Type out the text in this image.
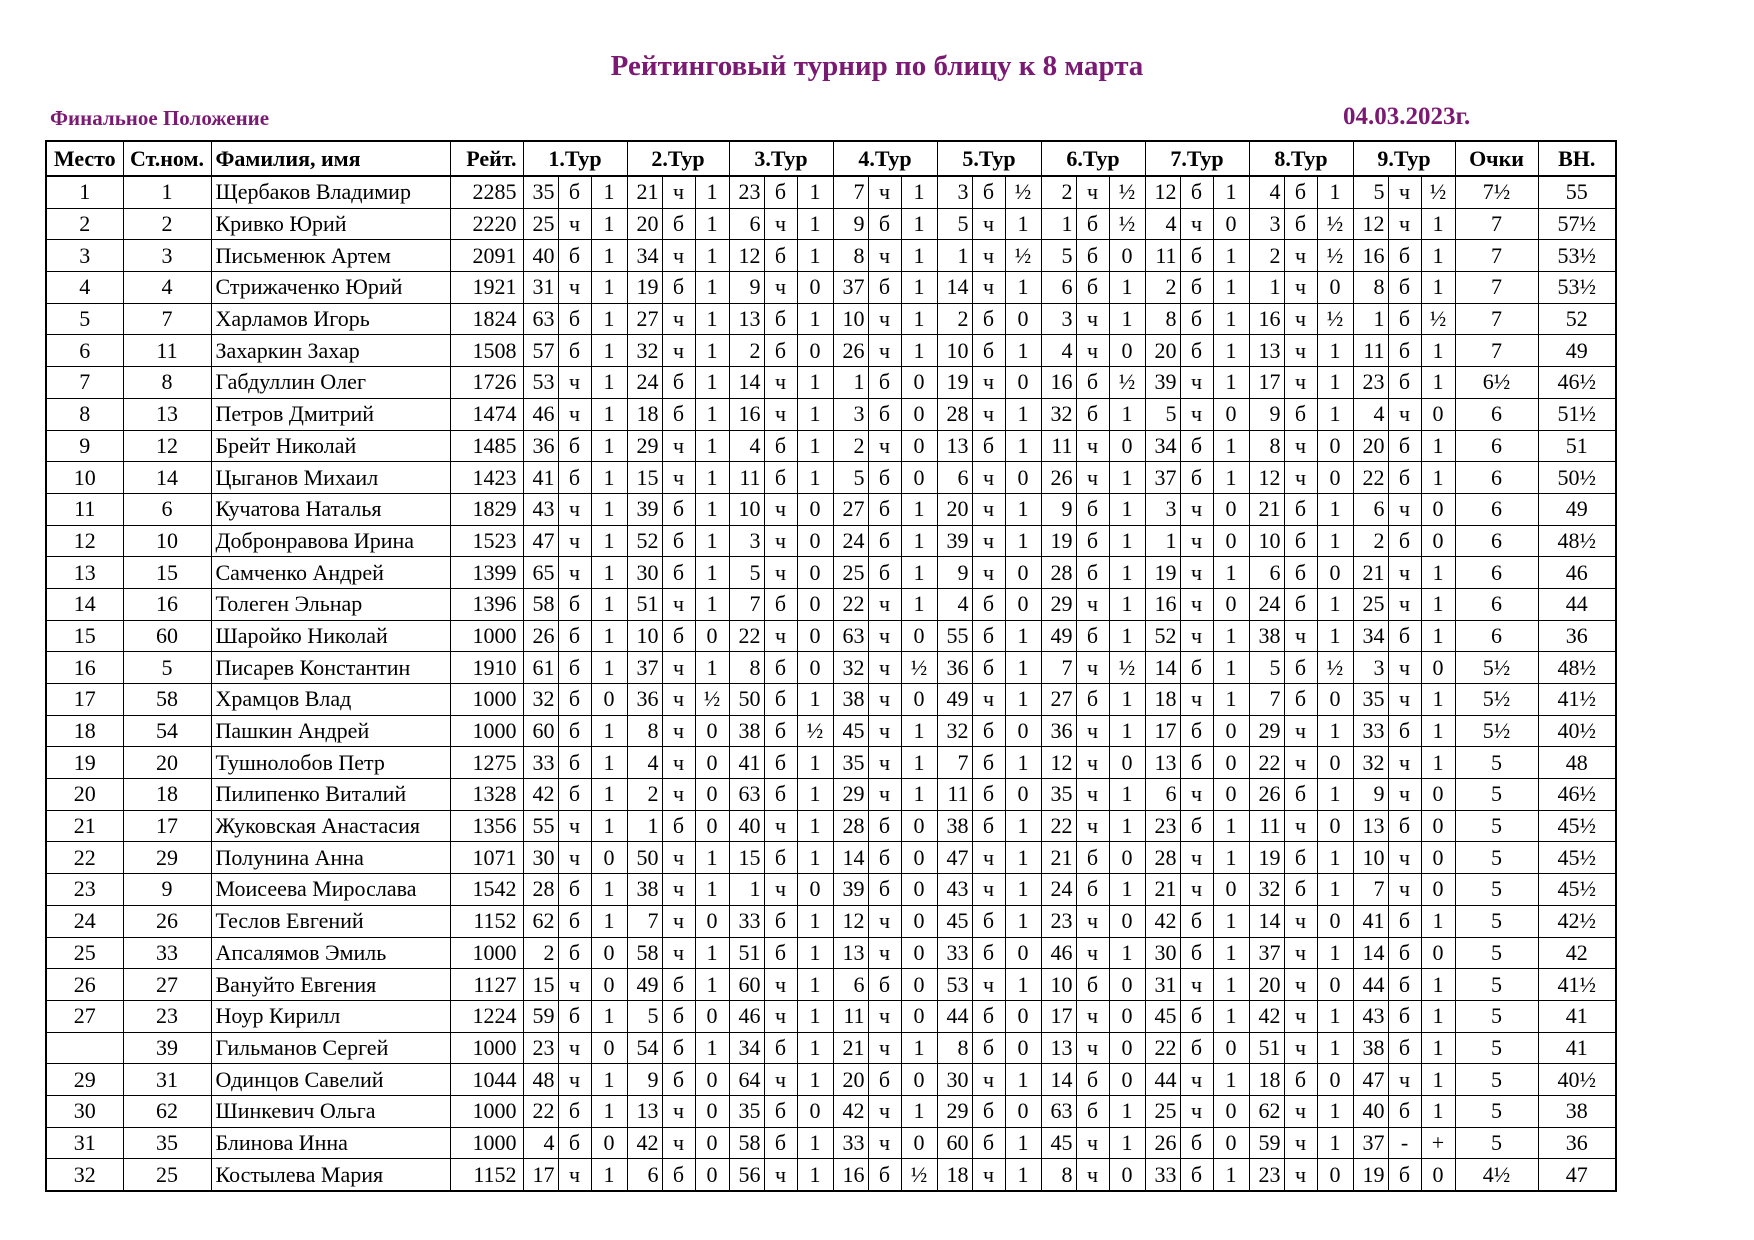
Рейтинговый турнир по блицу к 8 марта
Финальное Положение	04.03.2023г.
Место	Ст.ном.	Фамилия, имя	Рейт.	1.Тур			2.Тур			3.Тур			4.Тур			5.Тур			6.Тур			7.Тур			8.Тур			9.Тур			Очки	ВН.
1	1	Щербаков Владимир	2285	35	б	1	21	ч	1	23	б	1	7	ч	1	3	б	½	2	ч	½	12	б	1	4	б	1	5	ч	½	7½	55
2	2	Кривко Юрий	2220	25	ч	1	20	б	1	6	ч	1	9	б	1	5	ч	1	1	б	½	4	ч	0	3	б	½	12	ч	1	7	57½
3	3	Письменюк Артем	2091	40	б	1	34	ч	1	12	б	1	8	ч	1	1	ч	½	5	б	0	11	б	1	2	ч	½	16	б	1	7	53½
4	4	Стрижаченко Юрий	1921	31	ч	1	19	б	1	9	ч	0	37	б	1	14	ч	1	6	б	1	2	б	1	1	ч	0	8	б	1	7	53½
5	7	Харламов Игорь	1824	63	б	1	27	ч	1	13	б	1	10	ч	1	2	б	0	3	ч	1	8	б	1	16	ч	½	1	б	½	7	52
6	11	Захаркин Захар	1508	57	б	1	32	ч	1	2	б	0	26	ч	1	10	б	1	4	ч	0	20	б	1	13	ч	1	11	б	1	7	49
7	8	Габдуллин Олег	1726	53	ч	1	24	б	1	14	ч	1	1	б	0	19	ч	0	16	б	½	39	ч	1	17	ч	1	23	б	1	6½	46½
8	13	Петров Дмитрий	1474	46	ч	1	18	б	1	16	ч	1	3	б	0	28	ч	1	32	б	1	5	ч	0	9	б	1	4	ч	0	6	51½
9	12	Брейт Николай	1485	36	б	1	29	ч	1	4	б	1	2	ч	0	13	б	1	11	ч	0	34	б	1	8	ч	0	20	б	1	6	51
10	14	Цыганов Михаил	1423	41	б	1	15	ч	1	11	б	1	5	б	0	6	ч	0	26	ч	1	37	б	1	12	ч	0	22	б	1	6	50½
11	6	Кучатова Наталья	1829	43	ч	1	39	б	1	10	ч	0	27	б	1	20	ч	1	9	б	1	3	ч	0	21	б	1	6	ч	0	6	49
12	10	Добронравова Ирина	1523	47	ч	1	52	б	1	3	ч	0	24	б	1	39	ч	1	19	б	1	1	ч	0	10	б	1	2	б	0	6	48½
13	15	Самченко Андрей	1399	65	ч	1	30	б	1	5	ч	0	25	б	1	9	ч	0	28	б	1	19	ч	1	6	б	0	21	ч	1	6	46
14	16	Толеген Эльнар	1396	58	б	1	51	ч	1	7	б	0	22	ч	1	4	б	0	29	ч	1	16	ч	0	24	б	1	25	ч	1	6	44
15	60	Шаройко Николай	1000	26	б	1	10	б	0	22	ч	0	63	ч	0	55	б	1	49	б	1	52	ч	1	38	ч	1	34	б	1	6	36
16	5	Писарев Константин	1910	61	б	1	37	ч	1	8	б	0	32	ч	½	36	б	1	7	ч	½	14	б	1	5	б	½	3	ч	0	5½	48½
17	58	Храмцов Влад	1000	32	б	0	36	ч	½	50	б	1	38	ч	0	49	ч	1	27	б	1	18	ч	1	7	б	0	35	ч	1	5½	41½
18	54	Пашкин Андрей	1000	60	б	1	8	ч	0	38	б	½	45	ч	1	32	б	0	36	ч	1	17	б	0	29	ч	1	33	б	1	5½	40½
19	20	Тушнолобов Петр	1275	33	б	1	4	ч	0	41	б	1	35	ч	1	7	б	1	12	ч	0	13	б	0	22	ч	0	32	ч	1	5	48
20	18	Пилипенко Виталий	1328	42	б	1	2	ч	0	63	б	1	29	ч	1	11	б	0	35	ч	1	6	ч	0	26	б	1	9	ч	0	5	46½
21	17	Жуковская Анастасия	1356	55	ч	1	1	б	0	40	ч	1	28	б	0	38	б	1	22	ч	1	23	б	1	11	ч	0	13	б	0	5	45½
22	29	Полунина Анна	1071	30	ч	0	50	ч	1	15	б	1	14	б	0	47	ч	1	21	б	0	28	ч	1	19	б	1	10	ч	0	5	45½
23	9	Моисеева Мирослава	1542	28	б	1	38	ч	1	1	ч	0	39	б	0	43	ч	1	24	б	1	21	ч	0	32	б	1	7	ч	0	5	45½
24	26	Теслов Евгений	1152	62	б	1	7	ч	0	33	б	1	12	ч	0	45	б	1	23	ч	0	42	б	1	14	ч	0	41	б	1	5	42½
25	33	Апсалямов Эмиль	1000	2	б	0	58	ч	1	51	б	1	13	ч	0	33	б	0	46	ч	1	30	б	1	37	ч	1	14	б	0	5	42
26	27	Вануйто Евгения	1127	15	ч	0	49	б	1	60	ч	1	6	б	0	53	ч	1	10	б	0	31	ч	1	20	ч	0	44	б	1	5	41½
27	23	Ноур Кирилл	1224	59	б	1	5	б	0	46	ч	1	11	ч	0	44	б	0	17	ч	0	45	б	1	42	ч	1	43	б	1	5	41
	39	Гильманов Сергей	1000	23	ч	0	54	б	1	34	б	1	21	ч	1	8	б	0	13	ч	0	22	б	0	51	ч	1	38	б	1	5	41
29	31	Одинцов Савелий	1044	48	ч	1	9	б	0	64	ч	1	20	б	0	30	ч	1	14	б	0	44	ч	1	18	б	0	47	ч	1	5	40½
30	62	Шинкевич Ольга	1000	22	б	1	13	ч	0	35	б	0	42	ч	1	29	б	0	63	б	1	25	ч	0	62	ч	1	40	б	1	5	38
31	35	Блинова Инна	1000	4	б	0	42	ч	0	58	б	1	33	ч	0	60	б	1	45	ч	1	26	б	0	59	ч	1	37	-	+	5	36
32	25	Костылева Мария	1152	17	ч	1	6	б	0	56	ч	1	16	б	½	18	ч	1	8	ч	0	33	б	1	23	ч	0	19	б	0	4½	47
